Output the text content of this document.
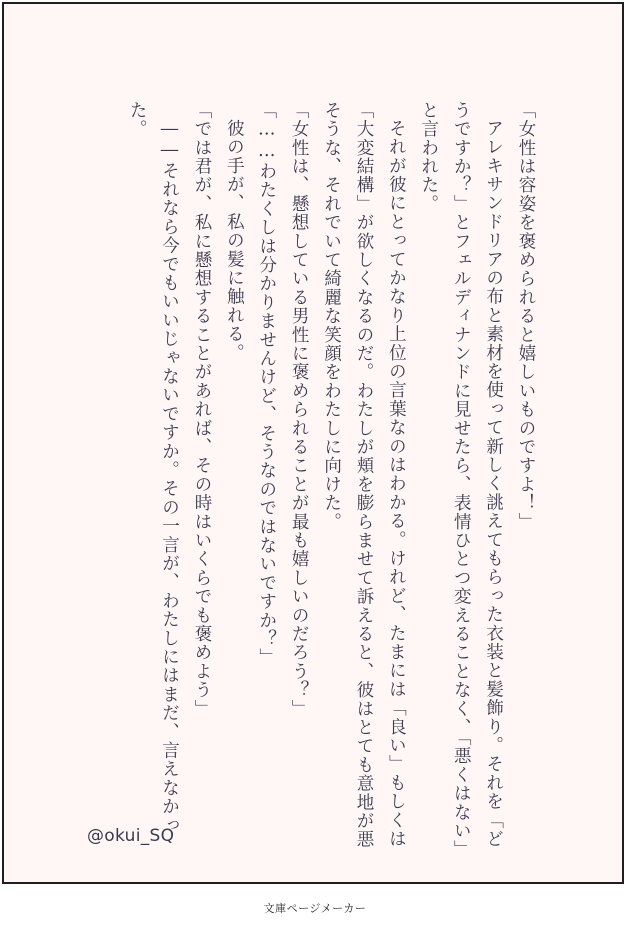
「女性は容姿を褒められると嬉しいものですよ！」
アレキサンドリアの布と素材を使って新しく誂えてもらった衣装と髪飾り。それを「どうですか？」とフェルディナンドに見せたら、表情ひとつ変えることなく、「悪くはない」と言われた。
それが彼にとってかなり上位の言葉なのはわかる。けれど、たまには「良い」もしくは「大変結構」が欲しくなるのだ。わたしが頬を膨らませて訴えると、彼はとても意地が悪そうな、それでいて綺麗な笑顔をわたしに向けた。
「女性は、懸想している男性に褒められることが最も嬉しいのだろう？」
「……わたくしは分かりませんけど、そうなのではないですか？」
彼の手が、私の髪に触れる。
「では君が、私に懸想することがあれば、その時はいくらでも褒めよう」
――それなら今でもいいじゃないですか。その一言が、わたしにはまだ、言えなかった。
@okui_SQ
文庫ページメーカー
